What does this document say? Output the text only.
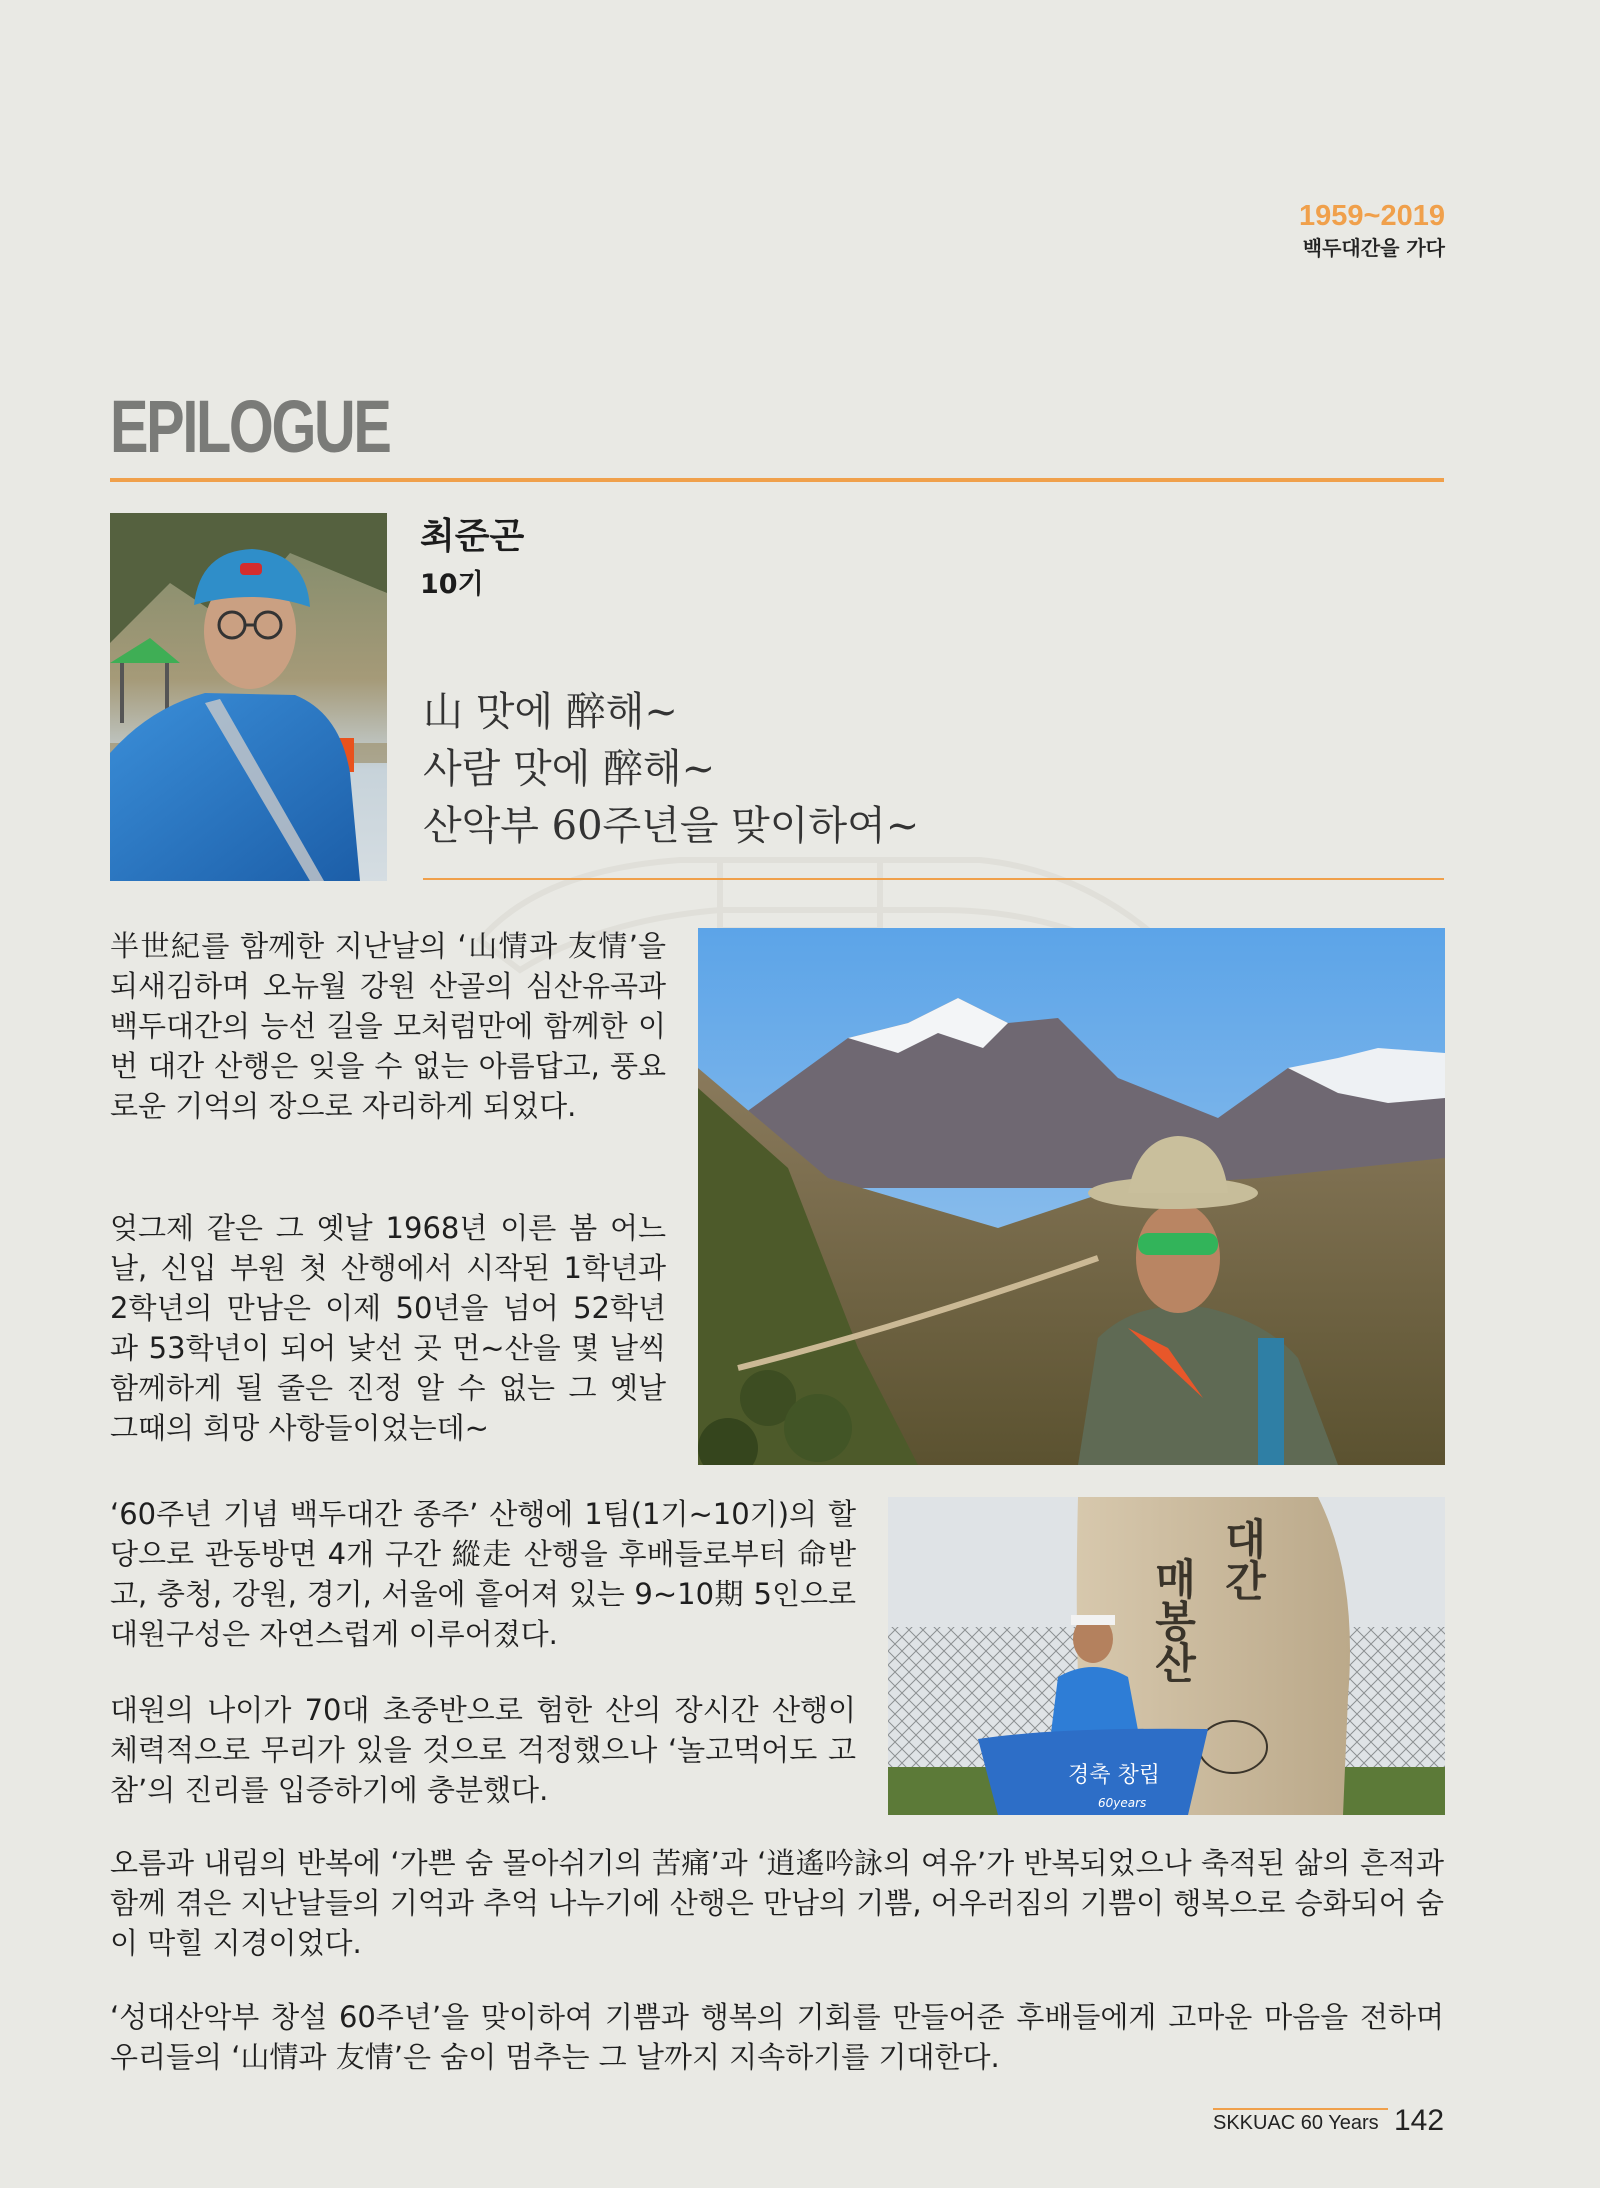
1959~2019
백두대간을 가다
EPILOGUE
최준곤
10기
山 맛에 醉해~
사람 맛에 醉해~
산악부 60주년을 맞이하여~
半世紀를 함께한 지난날의 ‘山情과 友情’을 되새김하며 오뉴월 강원 산골의 심산유곡과 백두대간의 능선 길을 모처럼만에 함께한 이번 대간 산행은 잊을 수 없는 아름답고, 풍요로운 기억의 장으로 자리하게 되었다.
엊그제 같은 그 옛날 1968년 이른 봄 어느 날, 신입 부원 첫 산행에서 시작된 1학년과 2학년의 만남은 이제 50년을 넘어 52학년과 53학년이 되어 낯선 곳 먼~산을 몇 날씩 함께하게 될 줄은 진정 알 수 없는 그 옛날 그때의 희망 사항들이었는데~
‘60주년 기념 백두대간 종주’ 산행에 1팀(1기~10기)의 할당으로 관동방면 4개 구간 縱走 산행을 후배들로부터 命받고, 충청, 강원, 경기, 서울에 흩어져 있는 9~10期 5인으로 대원구성은 자연스럽게 이루어졌다.
대원의 나이가 70대 초중반으로 험한 산의 장시간 산행이 체력적으로 무리가 있을 것으로 걱정했으나 ‘놀고먹어도 고참’의 진리를 입증하기에 충분했다.
오름과 내림의 반복에 ‘가쁜 숨 몰아쉬기의 苦痛’과 ‘逍遙吟詠의 여유’가 반복되었으나 축적된 삶의 흔적과 함께 겪은 지난날들의 기억과 추억 나누기에 산행은 만남의 기쁨, 어우러짐의 기쁨이 행복으로 승화되어 숨이 막힐 지경이었다.
‘성대산악부 창설 60주년’을 맞이하여 기쁨과 행복의 기회를 만들어준 후배들에게 고마운 마음을 전하며 우리들의 ‘山情과 友情’은 숨이 멈추는 그 날까지 지속하기를 기대한다.
매봉산 대간
경축 창립
60years
SKKUAC 60 Years 142
